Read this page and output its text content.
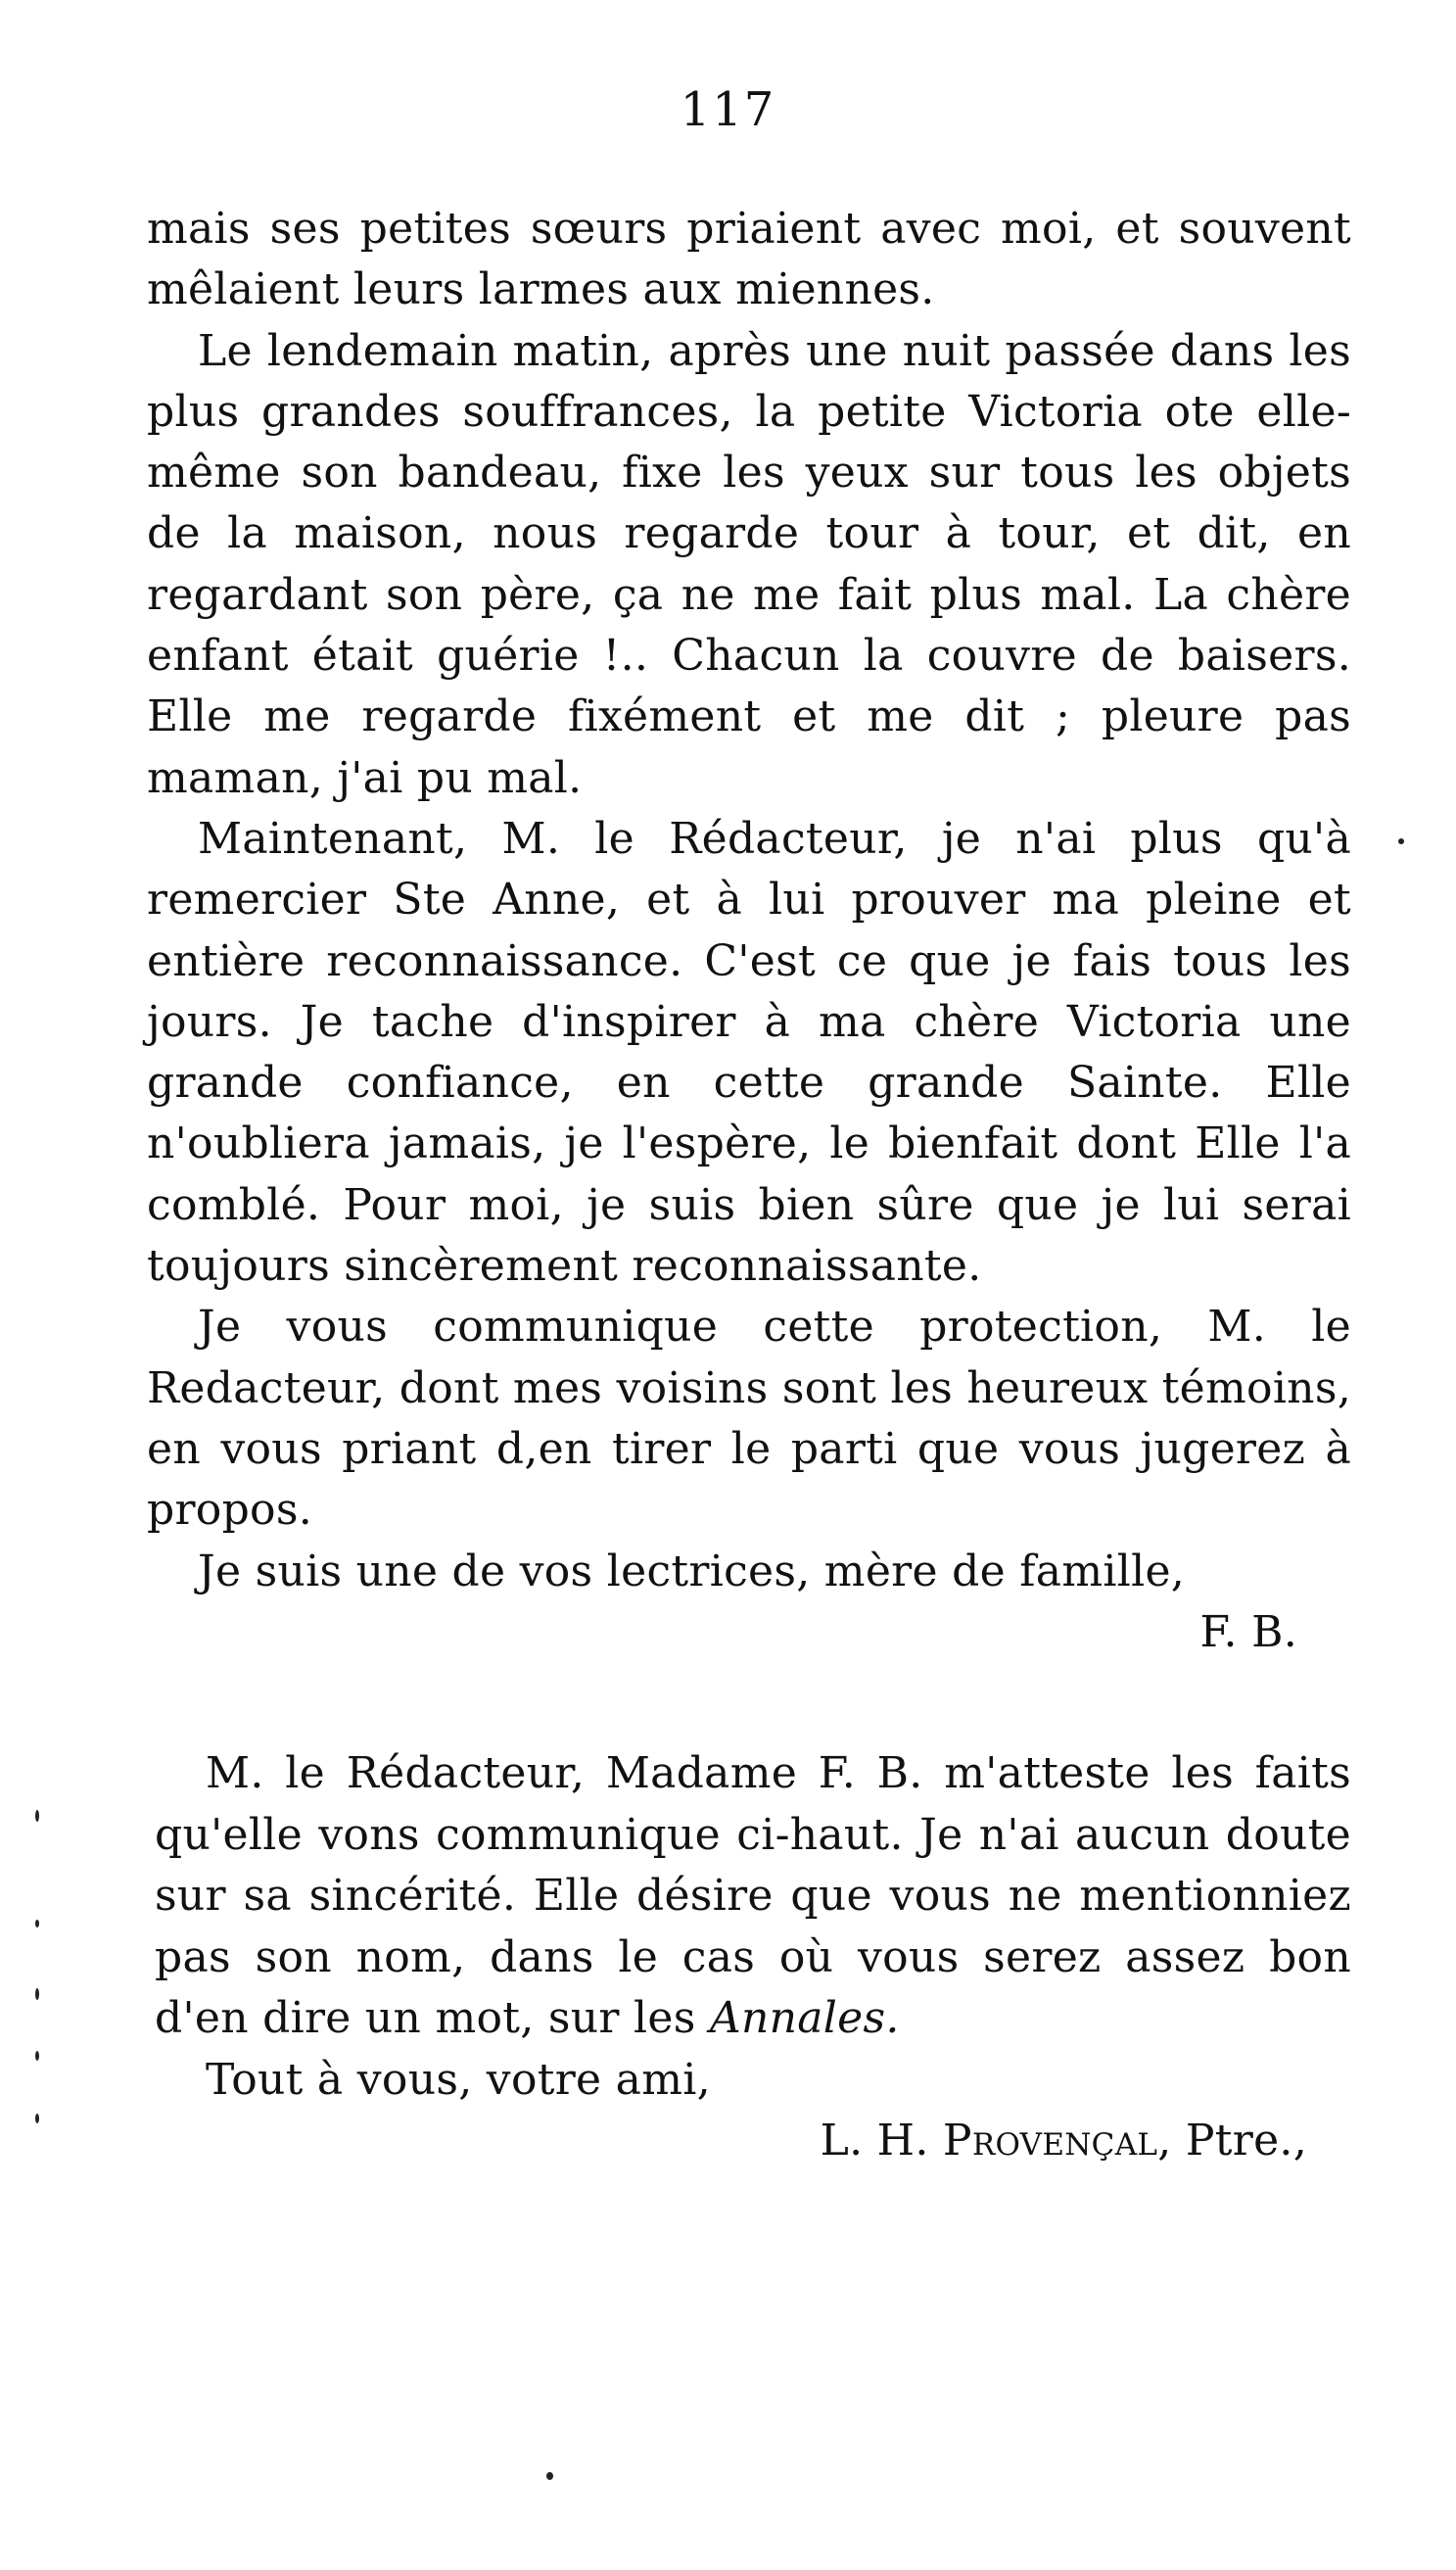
117

mais ses petites sœurs priaient avec moi, et souvent mêlaient leurs larmes aux miennes.

Le lendemain matin, après une nuit passée dans les plus grandes souffrances, la petite Victoria ote elle-même son bandeau, fixe les yeux sur tous les objets de la maison, nous regarde tour à tour, et dit, en regardant son père, ça ne me fait plus mal. La chère enfant était guérie !.. Chacun la couvre de baisers. Elle me regarde fixément et me dit ; pleure pas maman, j'ai pu mal.

Maintenant, M. le Rédacteur, je n'ai plus qu'à remercier Ste Anne, et à lui prouver ma pleine et entière reconnaissance. C'est ce que je fais tous les jours. Je tache d'inspirer à ma chère Victoria une grande confiance, en cette grande Sainte. Elle n'oubliera jamais, je l'espère, le bienfait dont Elle l'a comblé. Pour moi, je suis bien sûre que je lui serai toujours sincèrement reconnaissante.

Je vous communique cette protection, M. le Redacteur, dont mes voisins sont les heureux témoins, en vous priant d,en tirer le parti que vous jugerez à propos.

Je suis une de vos lectrices, mère de famille,

F. B.

M. le Rédacteur, Madame F. B. m'atteste les faits qu'elle vons communique ci-haut. Je n'ai aucun doute sur sa sincérité. Elle désire que vous ne mentionniez pas son nom, dans le cas où vous serez assez bon d'en dire un mot, sur les Annales.

Tout à vous, votre ami,

L. H. Provençal, Ptre.,
